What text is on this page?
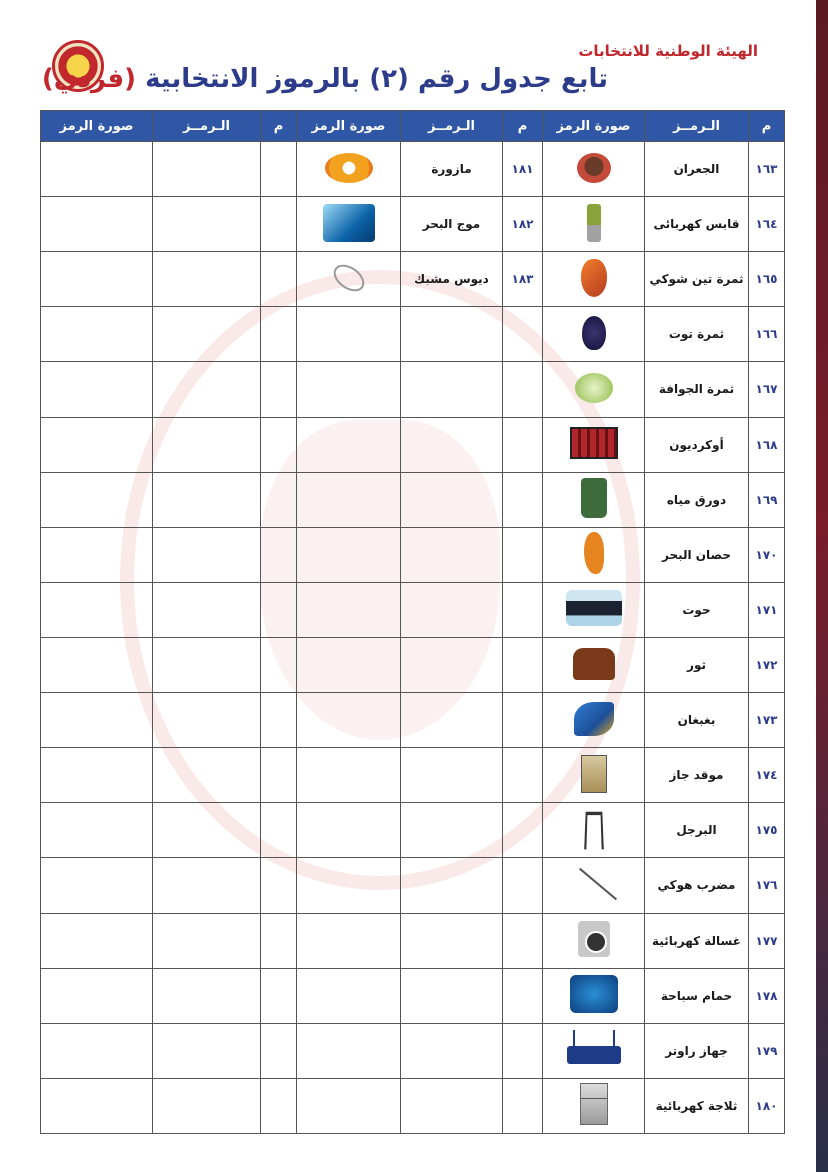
الهيئة الوطنية للانتخابات
تابع جدول رقم (٢) بالرموز الانتخابية (فردي)
م	الـرمــز	صورة الرمز	م	الـرمــز	صورة الرمز	م	الـرمــز	صورة الرمز
١٦٣	الجعران		١٨١	مازورة				
١٦٤	قابس كهربائى		١٨٢	موج البحر				
١٦٥	ثمرة تين شوكي		١٨٣	ديوس مشبك				
١٦٦	ثمرة توت							
١٦٧	ثمرة الجوافة							
١٦٨	أوكرديون							
١٦٩	دورق مياه							
١٧٠	حصان البحر							
١٧١	حوت							
١٧٢	ثور							
١٧٣	بغبغان							
١٧٤	موقد جاز							
١٧٥	البرجل							
١٧٦	مضرب هوكي							
١٧٧	غسالة كهربائية							
١٧٨	حمام سباحة							
١٧٩	جهاز راوتر							
١٨٠	ثلاجة كهربائية							
